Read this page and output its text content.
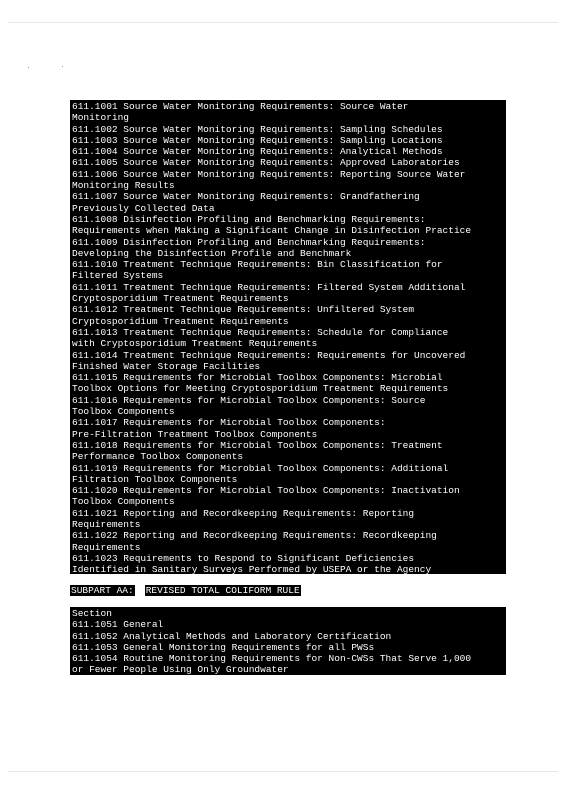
611.1001 Source Water Monitoring Requirements: Source Water
Monitoring
611.1002 Source Water Monitoring Requirements: Sampling Schedules
611.1003 Source Water Monitoring Requirements: Sampling Locations
611.1004 Source Water Monitoring Requirements: Analytical Methods
611.1005 Source Water Monitoring Requirements: Approved Laboratories
611.1006 Source Water Monitoring Requirements: Reporting Source Water
Monitoring Results
611.1007 Source Water Monitoring Requirements: Grandfathering
Previously Collected Data
611.1008 Disinfection Profiling and Benchmarking Requirements:
Requirements when Making a Significant Change in Disinfection Practice
611.1009 Disinfection Profiling and Benchmarking Requirements:
Developing the Disinfection Profile and Benchmark
611.1010 Treatment Technique Requirements: Bin Classification for
Filtered Systems
611.1011 Treatment Technique Requirements: Filtered System Additional
Cryptosporidium Treatment Requirements
611.1012 Treatment Technique Requirements: Unfiltered System
Cryptosporidium Treatment Requirements
611.1013 Treatment Technique Requirements: Schedule for Compliance
with Cryptosporidium Treatment Requirements
611.1014 Treatment Technique Requirements: Requirements for Uncovered
Finished Water Storage Facilities
611.1015 Requirements for Microbial Toolbox Components: Microbial
Toolbox Options for Meeting Cryptosporidium Treatment Requirements
611.1016 Requirements for Microbial Toolbox Components: Source
Toolbox Components
611.1017 Requirements for Microbial Toolbox Components:
Pre-Filtration Treatment Toolbox Components
611.1018 Requirements for Microbial Toolbox Components: Treatment
Performance Toolbox Components
611.1019 Requirements for Microbial Toolbox Components: Additional
Filtration Toolbox Components
611.1020 Requirements for Microbial Toolbox Components: Inactivation
Toolbox Components
611.1021 Reporting and Recordkeeping Requirements: Reporting
Requirements
611.1022 Reporting and Recordkeeping Requirements: Recordkeeping
Requirements
611.1023 Requirements to Respond to Significant Deficiencies
Identified in Sanitary Surveys Performed by USEPA or the Agency
SUBPART AA: REVISED TOTAL COLIFORM RULE
Section
611.1051 General
611.1052 Analytical Methods and Laboratory Certification
611.1053 General Monitoring Requirements for all PWSs
611.1054 Routine Monitoring Requirements for Non-CWSs That Serve 1,000
or Fewer People Using Only Groundwater
